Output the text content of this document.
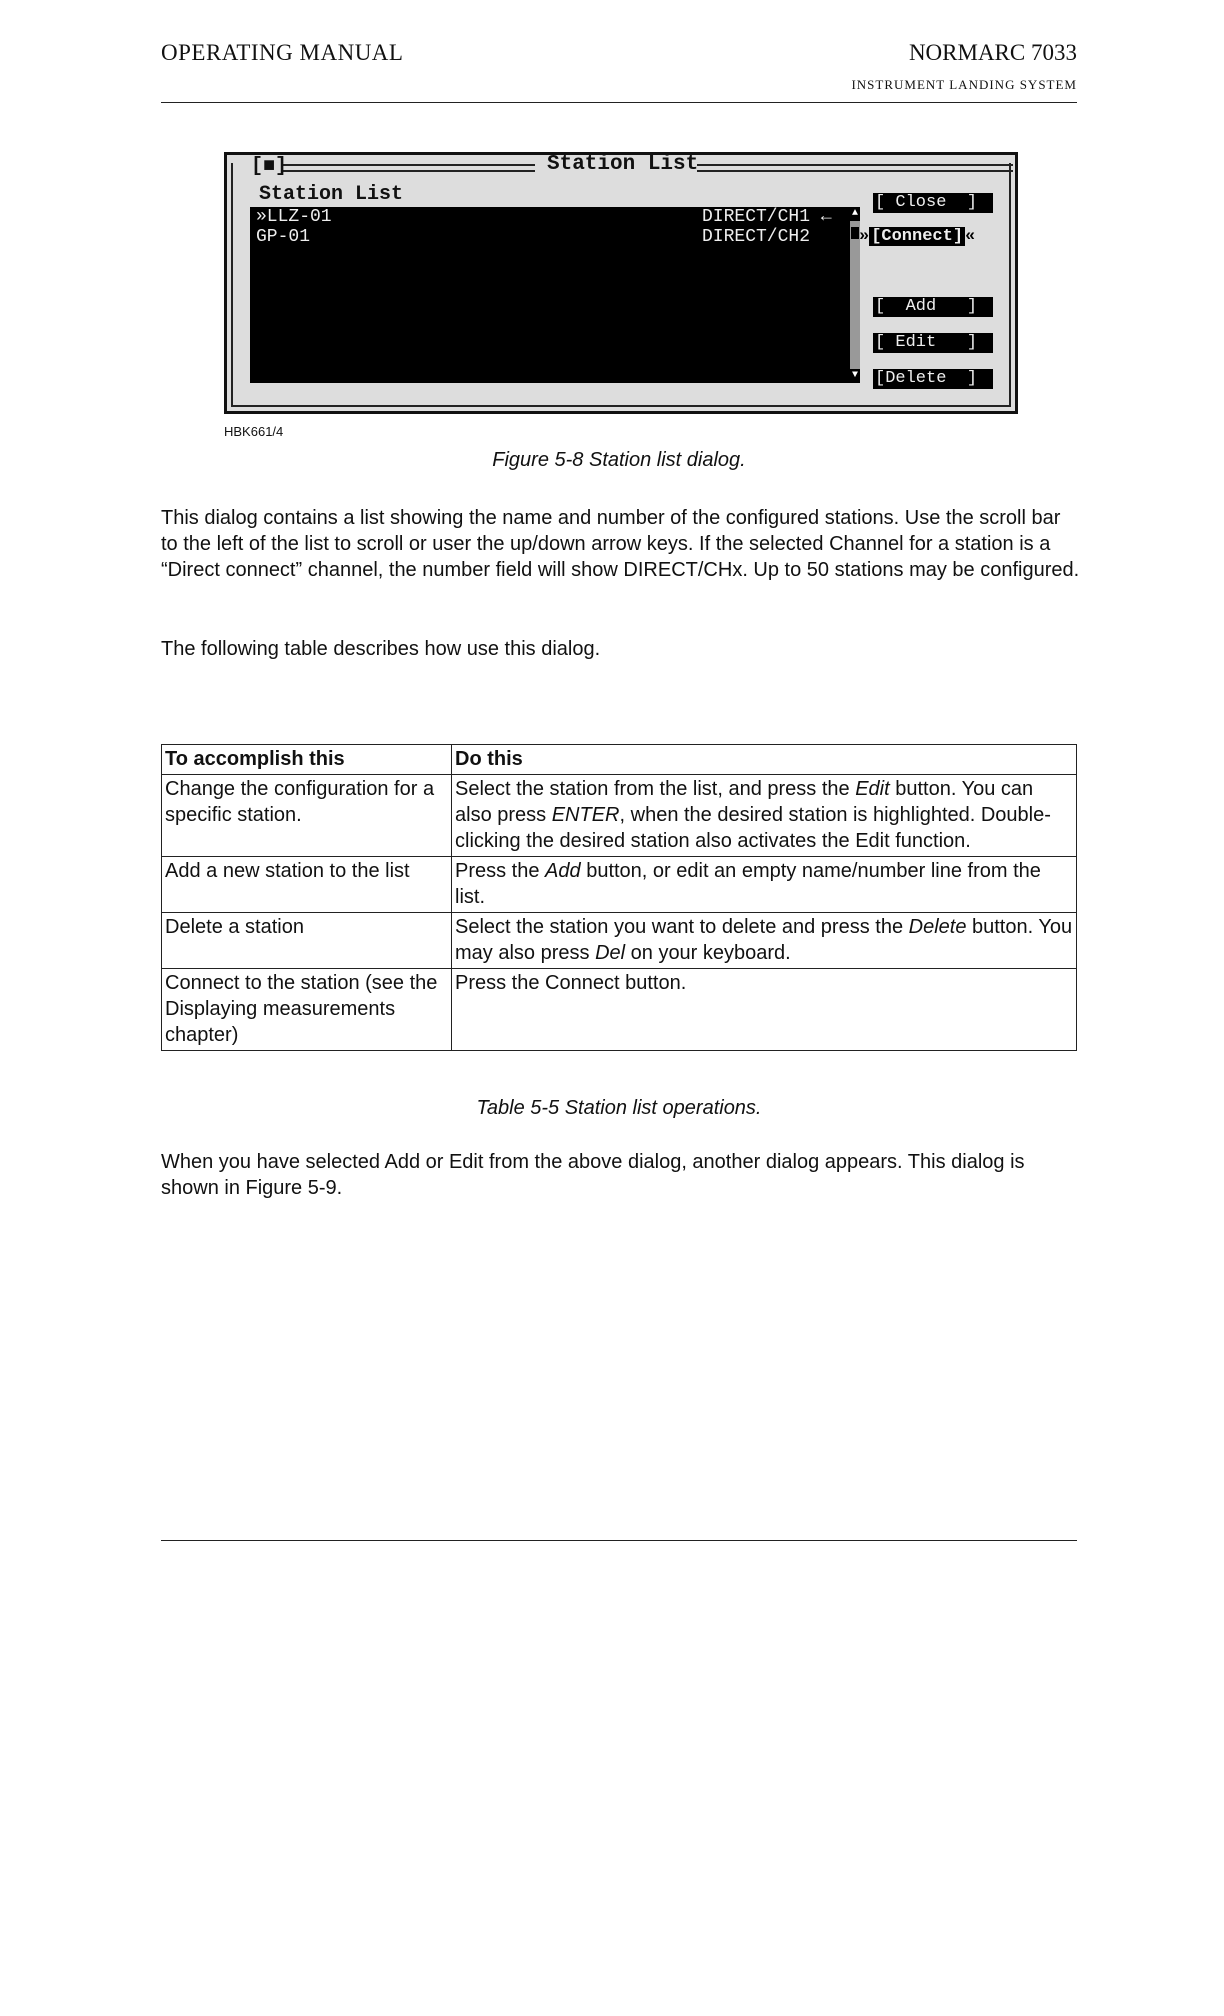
OPERATING MANUAL	NORMARC 7033
INSTRUMENT LANDING SYSTEM
[■]	Station List
Station List
»LLZ-01	DIRECT/CH1 ←
GP-01	DIRECT/CH2
▲
▼
[ Close  ]
» [Connect] «
[  Add   ]
[ Edit   ]
[Delete  ]
HBK661/4
Figure 5-8 Station list dialog.
This dialog contains a list showing the name and number of the configured stations. Use the scroll bar to the left of the list to scroll or user the up/down arrow keys. If the selected Channel for a station is a “Direct connect” channel, the number field will show DIRECT/CHx. Up to 50 stations may be configured.
The following table describes how use this dialog.
To accomplish this	Do this
Change the configuration for a specific station.	Select the station from the list, and press the Edit button. You can also press ENTER, when the desired station is highlighted. Double-clicking the desired station also activates the Edit function.
Add a new station to the list	Press the Add button, or edit an empty name/number line from the list.
Delete a station	Select the station you want to delete and press the Delete button. You may also press Del on your keyboard.
Connect to the station (see the Displaying measurements chapter)	Press the Connect button.
Table 5-5 Station list operations.
When you have selected Add or Edit from the above dialog, another dialog appears. This dialog is shown in Figure 5-9.
